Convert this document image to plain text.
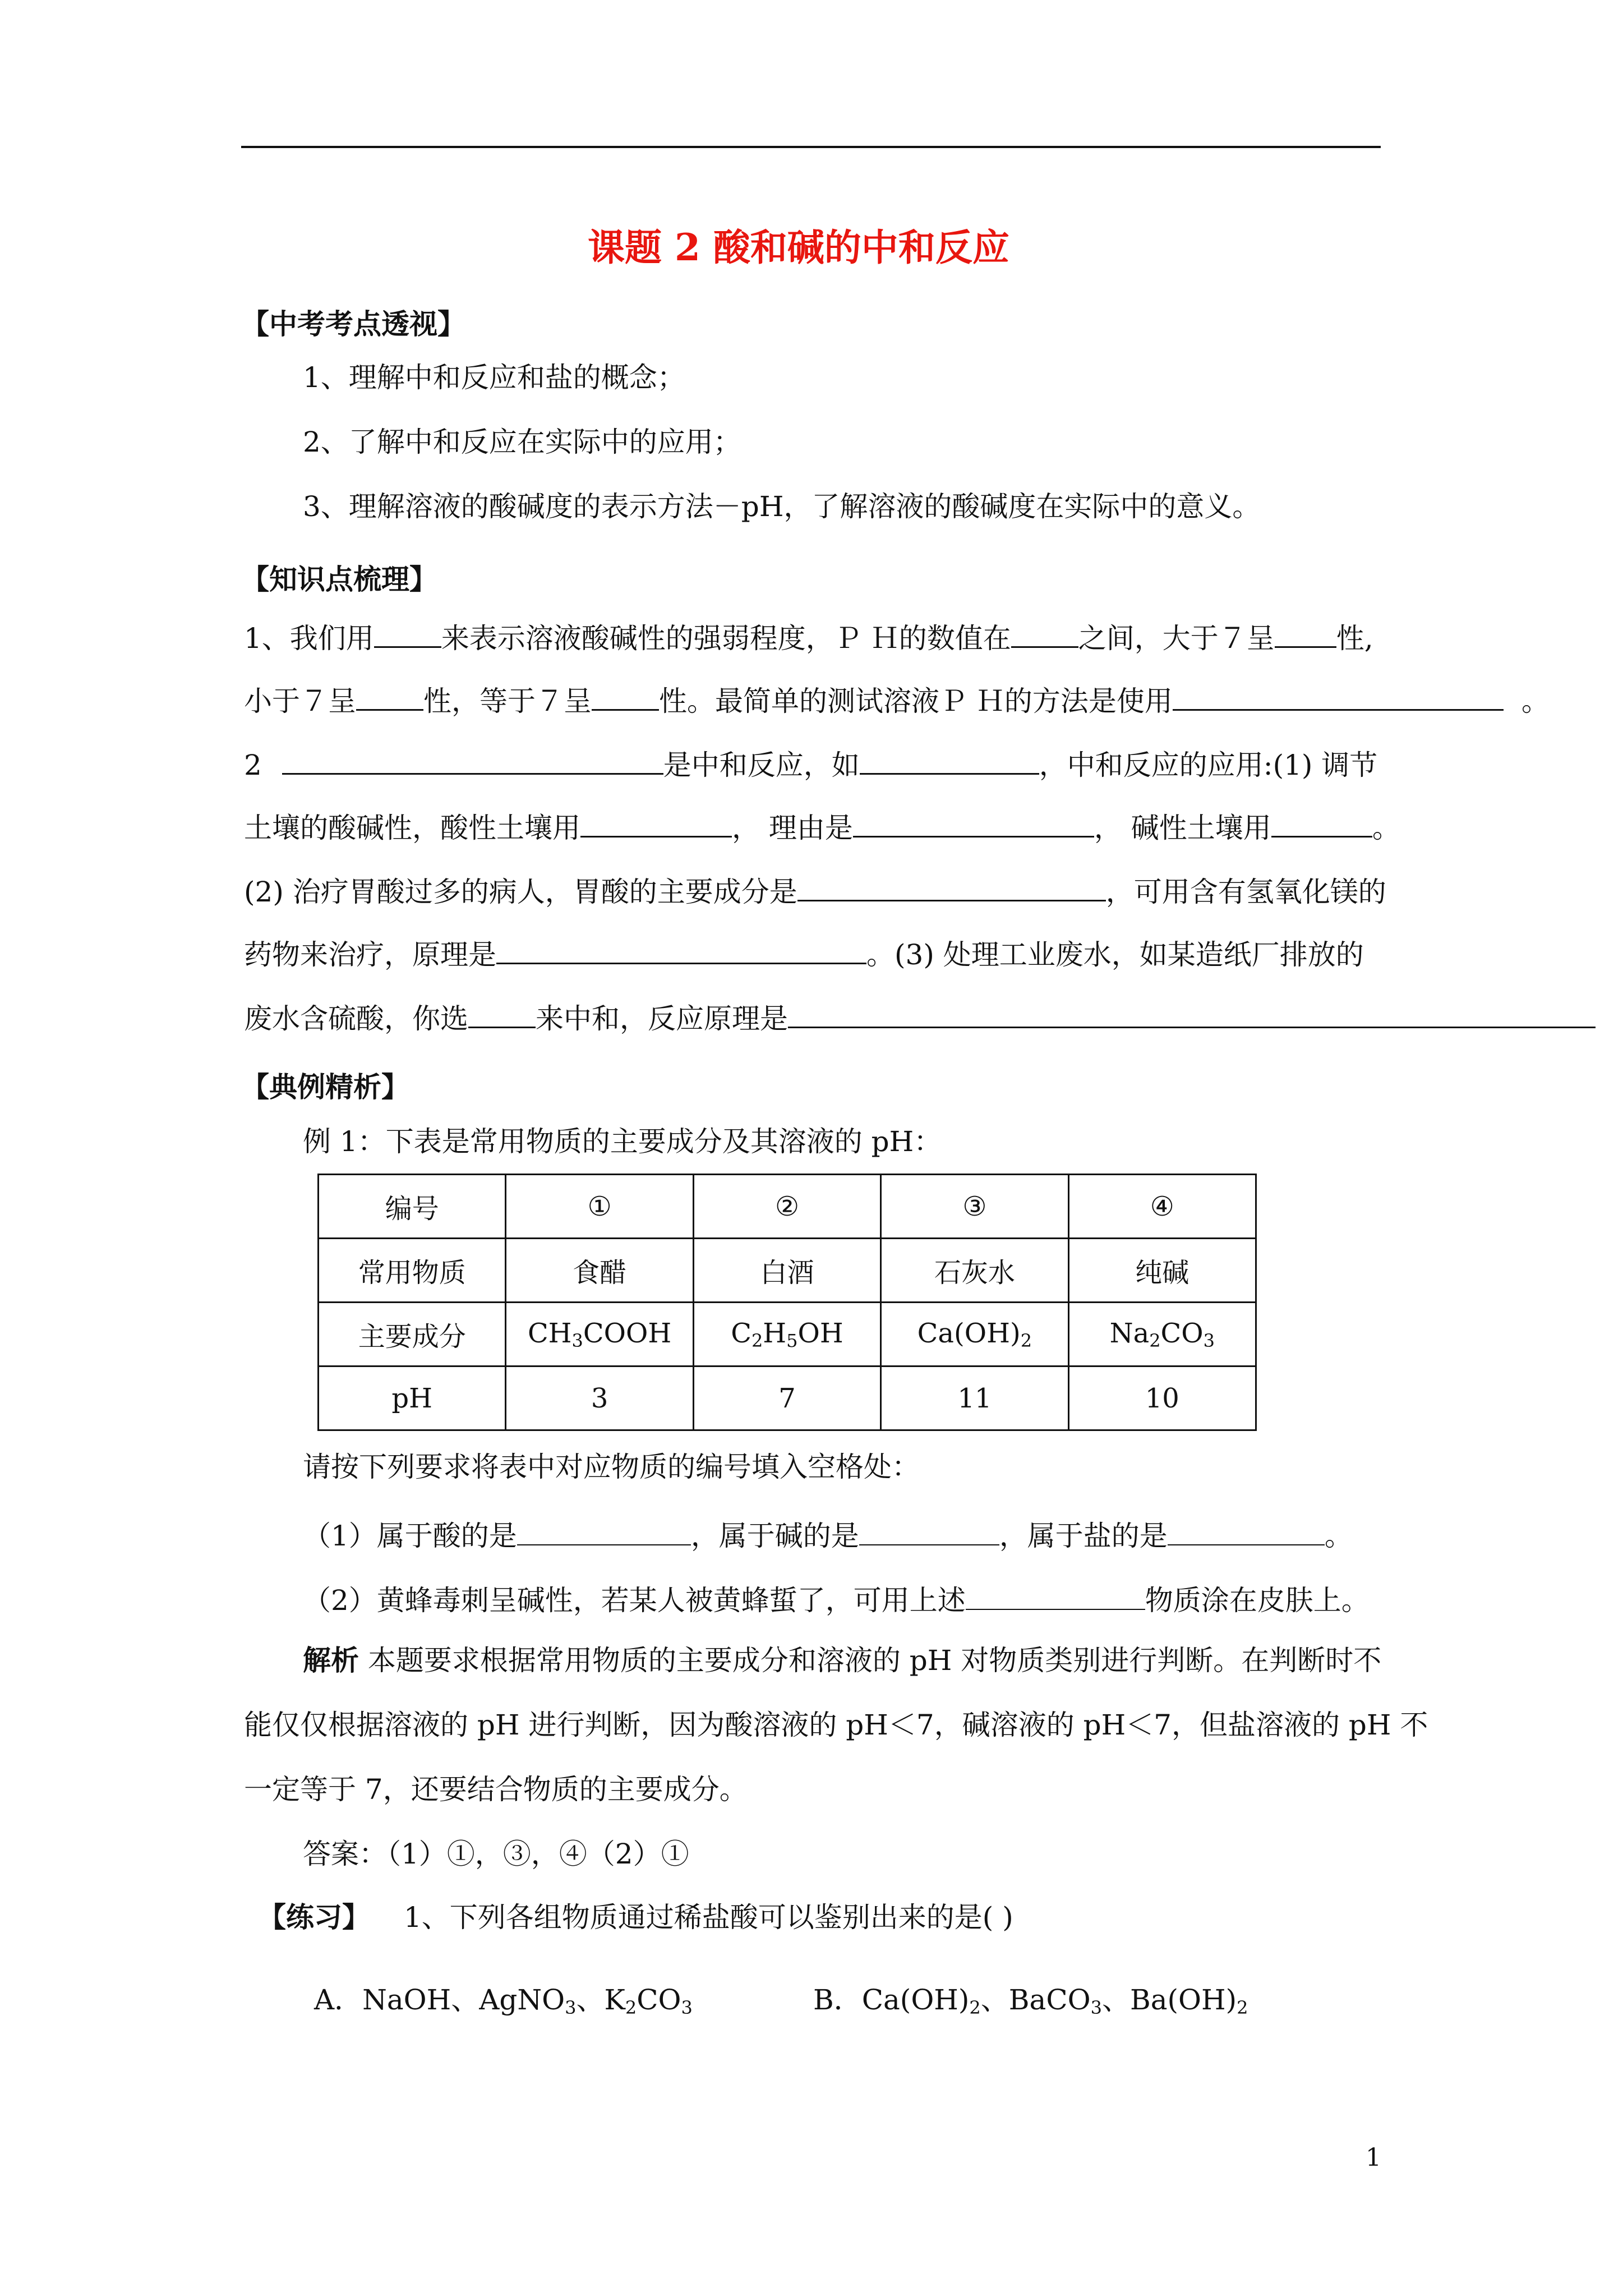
课题 2 酸和碱的中和反应
【中考考点透视】
1、理解中和反应和盐的概念；
2、了解中和反应在实际中的应用；
3、理解溶液的酸碱度的表示方法－pH，了解溶液的酸碱度在实际中的意义。
【知识点梳理】
1、我们用 来表示溶液酸碱性的强弱程度，Ｐ Ｈ的数值在 之间，大于７呈 性,
小于７呈 性，等于７呈 性。最简单的测试溶液Ｐ Ｈ的方法是使用	。
2	是中和反应，如	，中和反应的应用:(1) 调节
土壤的酸碱性，酸性土壤用	， 理由是	， 碱性土壤用	。
(2) 治疗胃酸过多的病人，胃酸的主要成分是	，可用含有氢氧化镁的
药物来治疗，原理是	。(3) 处理工业废水，如某造纸厂排放的
废水含硫酸，你选 来中和，反应原理是
【典例精析】
例 1：下表是常用物质的主要成分及其溶液的 pH：
编号	①	②	③	④
常用物质	食醋	白酒	石灰水	纯碱
主要成分	$CH_3COOH$	$C_2H_5OH$	$Ca(OH)_2$	$Na_2CO_3$
pH	3	7	11	10
请按下列要求将表中对应物质的编号填入空格处：
（1）属于酸的是	，属于碱的是	，属于盐的是	。
（2）黄蜂毒刺呈碱性，若某人被黄蜂蜇了，可用上述	物质涂在皮肤上。
解析 本题要求根据常用物质的主要成分和溶液的 pH 对物质类别进行判断。在判断时不
能仅仅根据溶液的 pH 进行判断，因为酸溶液的 pH＜7，碱溶液的 pH＜7，但盐溶液的 pH 不
一定等于 7，还要结合物质的主要成分。
答案：（1）①，③，④（2）①
【练习】 1、下列各组物质通过稀盐酸可以鉴别出来的是( )
A．NaOH、AgNO$_3$、$K_2CO_3$	B．$Ca(OH)_2$、BaCO$_3$、$Ba(OH)_2$
1
